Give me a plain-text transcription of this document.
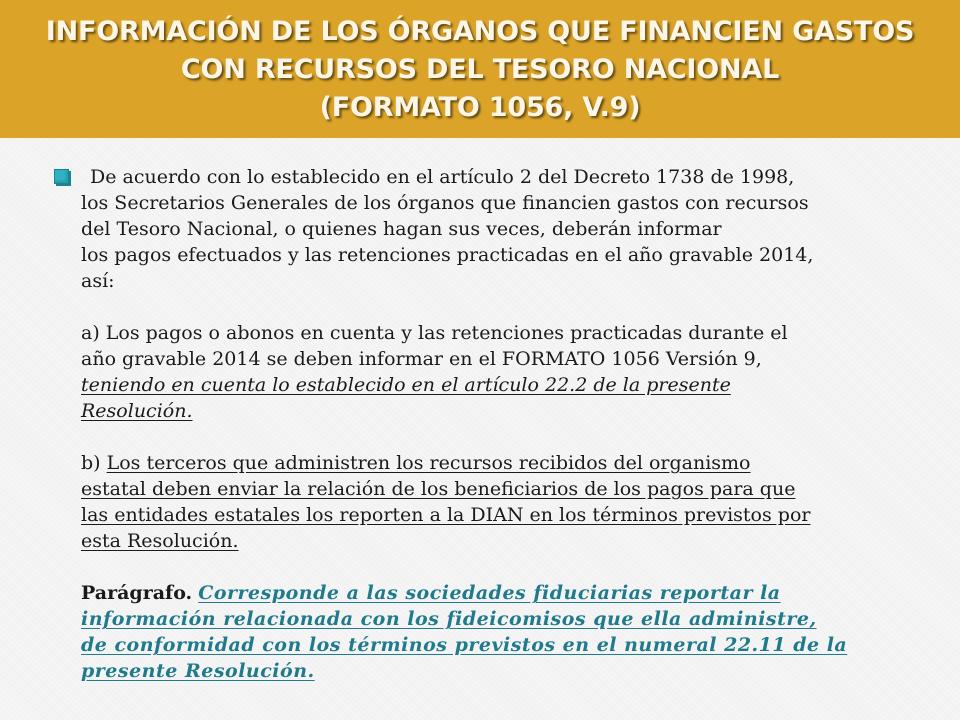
INFORMACIÓN DE LOS ÓRGANOS QUE FINANCIEN GASTOS
CON RECURSOS DEL TESORO NACIONAL
(FORMATO 1056, V.9)
De acuerdo con lo establecido en el artículo 2 del Decreto 1738 de 1998,
los Secretarios Generales de los órganos que financien gastos con recursos
del Tesoro Nacional, o quienes hagan sus veces, deberán informar
los pagos efectuados y las retenciones practicadas en el año gravable 2014,
así:
a) Los pagos o abonos en cuenta y las retenciones practicadas durante el
año gravable 2014 se deben informar en el FORMATO 1056 Versión 9,
teniendo en cuenta lo establecido en el artículo 22.2 de la presente
Resolución.
b) Los terceros que administren los recursos recibidos del organismo
estatal deben enviar la relación de los beneficiarios de los pagos para que
las entidades estatales los reporten a la DIAN en los términos previstos por
esta Resolución.
Parágrafo. Corresponde a las sociedades fiduciarias reportar la
información relacionada con los fideicomisos que ella administre,
de conformidad con los términos previstos en el numeral 22.11 de la
presente Resolución.
